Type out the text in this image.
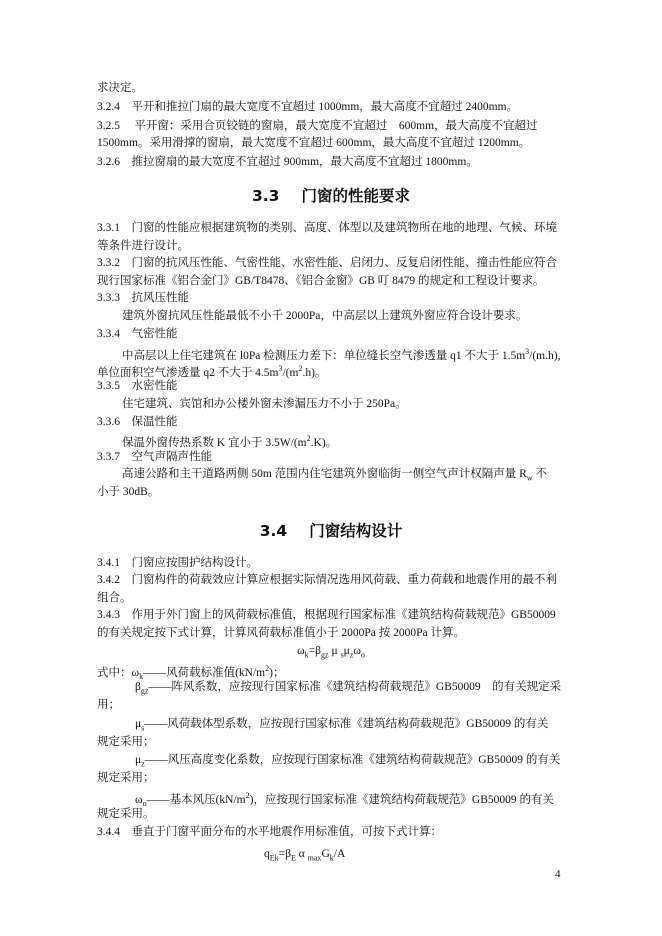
求决定。
3.2.4　平开和推拉门扇的最大宽度不宜超过 1000mm，最大高度不宜超过 2400mm。
3.2.5　 平开窗：采用合页铰链的窗扇，最大宽度不宜超过　600mm，最大高度不宜超过
1500mm。采用滑撑的窗扇，最大宽度不宜超过 600mm，最大高度不宜超过 1200mm。
3.2.6　推拉窗扇的最大宽度不宜超过 900mm，最大高度不宜超过 1800mm。
3.3 门窗的性能要求
3.3.1　门窗的性能应根据建筑物的类别、高度、体型以及建筑物所在地的地理、气候、环境
等条件进行设计。
3.3.2　门窗的抗风压性能、气密性能、水密性能、启闭力、反复启闭性能、撞击性能应符合
现行国家标准《铝合金门》GB/T8478、《铝合金窗》GB 叮 8479 的规定和工程设计要求。
3.3.3　抗风压性能
建筑外窗抗风压性能最低不小千 2000Pa，中高层以上建筑外窗应符合设计要求。
3.3.4　气密性能
中高层以上住宅建筑在 l0Pa 检测压力差下：单位缝长空气渗透量 q1 不大于 $1.5m^3/(m.h)$,
单位面积空气渗透量 q2 不大于 $4.5m^3/(m^2.h)$。
3.3.5　水密性能
住宅建筑、宾馆和办公楼外窗未渗漏压力不小于 250Pa。
3.3.6　保温性能
保温外窗传热系数 K 宜小于 $3.5W/(m^2.K)$。
3.3.7　空气声隔声性能
高速公路和主干道路两侧 50m 范围内住宅建筑外窗临街一侧空气声计权隔声量 $R_w$ 不
小于 30dB。
3.4 门窗结构设计
3.4.1　门窗应按围护结构设计。
3.4.2　门窗构件的荷载效应计算应根据实际情况选用风荷载、重力荷载和地震作用的最不利
组合。
3.4.3　作用于外门窗上的风荷载标准值，根据现行国家标准《建筑结构荷载规范》GB50009
的有关规定按下式计算，计算风荷载标准值小于 2000Pa 按 2000Pa 计算。
$\omega_k=\beta_{gz}$ μ $_s\mu_z\omega_o$
式中：$\omega_k——$风荷载标准值$(kN/m^2)$；
$\beta_{gz}——$阵风系数，应按现行国家标准《建筑结构荷载规范》GB50009　的有关规定采
用；
$\mu_s——$风荷载体型系数，应按现行国家标准《建筑结构荷载规范》GB50009 的有关
规定采用；
$\mu_z——$风压高度变化系数，应按现行国家标准《建筑结构荷载规范》GB50009 的有关
规定采用；
$\omega_o——$基本风压$(kN/m^2)$，应按现行国家标准《建筑结构荷载规范》GB50009 的有关
规定采用。
3.4.4　垂直于门窗平面分布的水平地震作用标准值，可按下式计算：
$q_{Ek}=\beta_E$ α $_{max}G_k/A$
4
